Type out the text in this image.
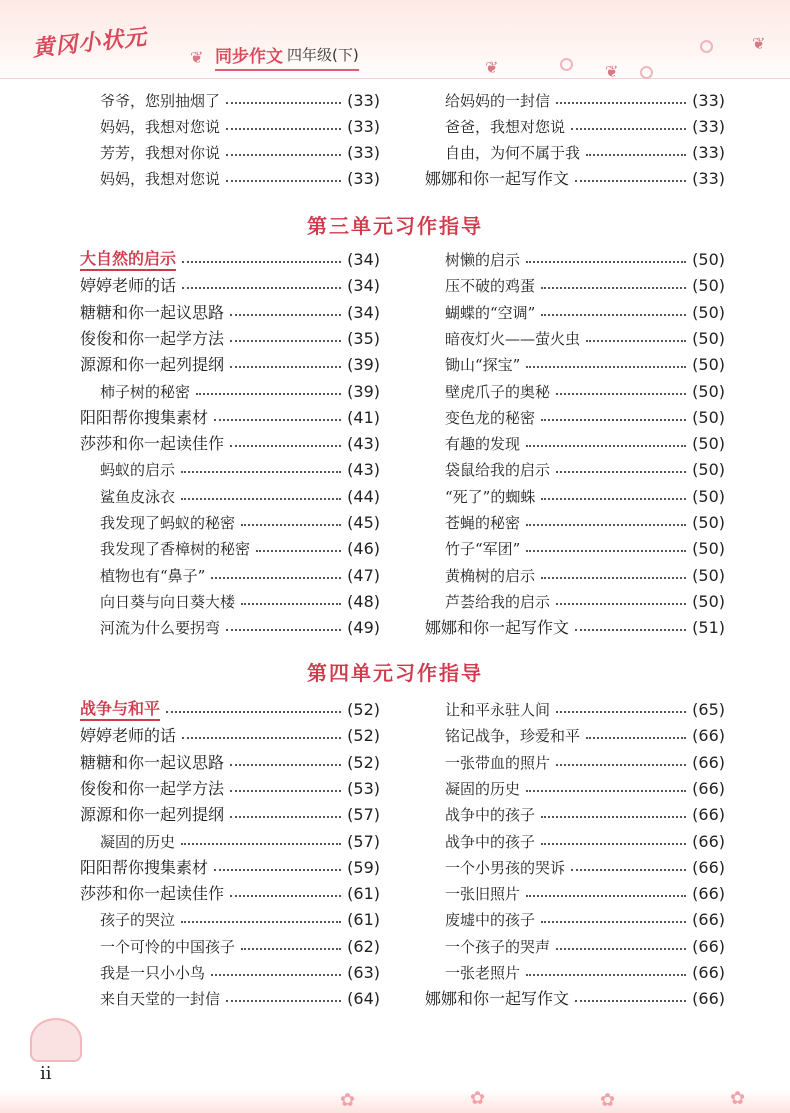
黄冈小状元	同步作文 四年级(下)
❦
❦	❦
❦
爷爷，您别抽烟了	(33)
妈妈，我想对您说	(33)
芳芳，我想对你说	(33)
妈妈，我想对您说	(33)
给妈妈的一封信	(33)
爸爸，我想对您说	(33)
自由，为何不属于我	(33)
娜娜和你一起写作文	(33)
第三单元习作指导
大自然的启示	(34)
婷婷老师的话	(34)
糖糖和你一起议思路	(34)
俊俊和你一起学方法	(35)
源源和你一起列提纲	(39)
柿子树的秘密	(39)
阳阳帮你搜集素材	(41)
莎莎和你一起读佳作	(43)
蚂蚁的启示	(43)
鲨鱼皮泳衣	(44)
我发现了蚂蚁的秘密	(45)
我发现了香樟树的秘密	(46)
植物也有“鼻子”	(47)
向日葵与向日葵大楼	(48)
河流为什么要拐弯	(49)
树懒的启示	(50)
压不破的鸡蛋	(50)
蝴蝶的“空调”	(50)
暗夜灯火——萤火虫	(50)
锄山“探宝”	(50)
壁虎爪子的奥秘	(50)
变色龙的秘密	(50)
有趣的发现	(50)
袋鼠给我的启示	(50)
“死了”的蜘蛛	(50)
苍蝇的秘密	(50)
竹子“军团”	(50)
黄桷树的启示	(50)
芦荟给我的启示	(50)
娜娜和你一起写作文	(51)
第四单元习作指导
战争与和平	(52)
婷婷老师的话	(52)
糖糖和你一起议思路	(52)
俊俊和你一起学方法	(53)
源源和你一起列提纲	(57)
凝固的历史	(57)
阳阳帮你搜集素材	(59)
莎莎和你一起读佳作	(61)
孩子的哭泣	(61)
一个可怜的中国孩子	(62)
我是一只小小鸟	(63)
来自天堂的一封信	(64)
让和平永驻人间	(65)
铭记战争，珍爱和平	(66)
一张带血的照片	(66)
凝固的历史	(66)
战争中的孩子	(66)
战争中的孩子	(66)
一个小男孩的哭诉	(66)
一张旧照片	(66)
废墟中的孩子	(66)
一个孩子的哭声	(66)
一张老照片	(66)
娜娜和你一起写作文	(66)
ii
✿	✿	✿	✿
